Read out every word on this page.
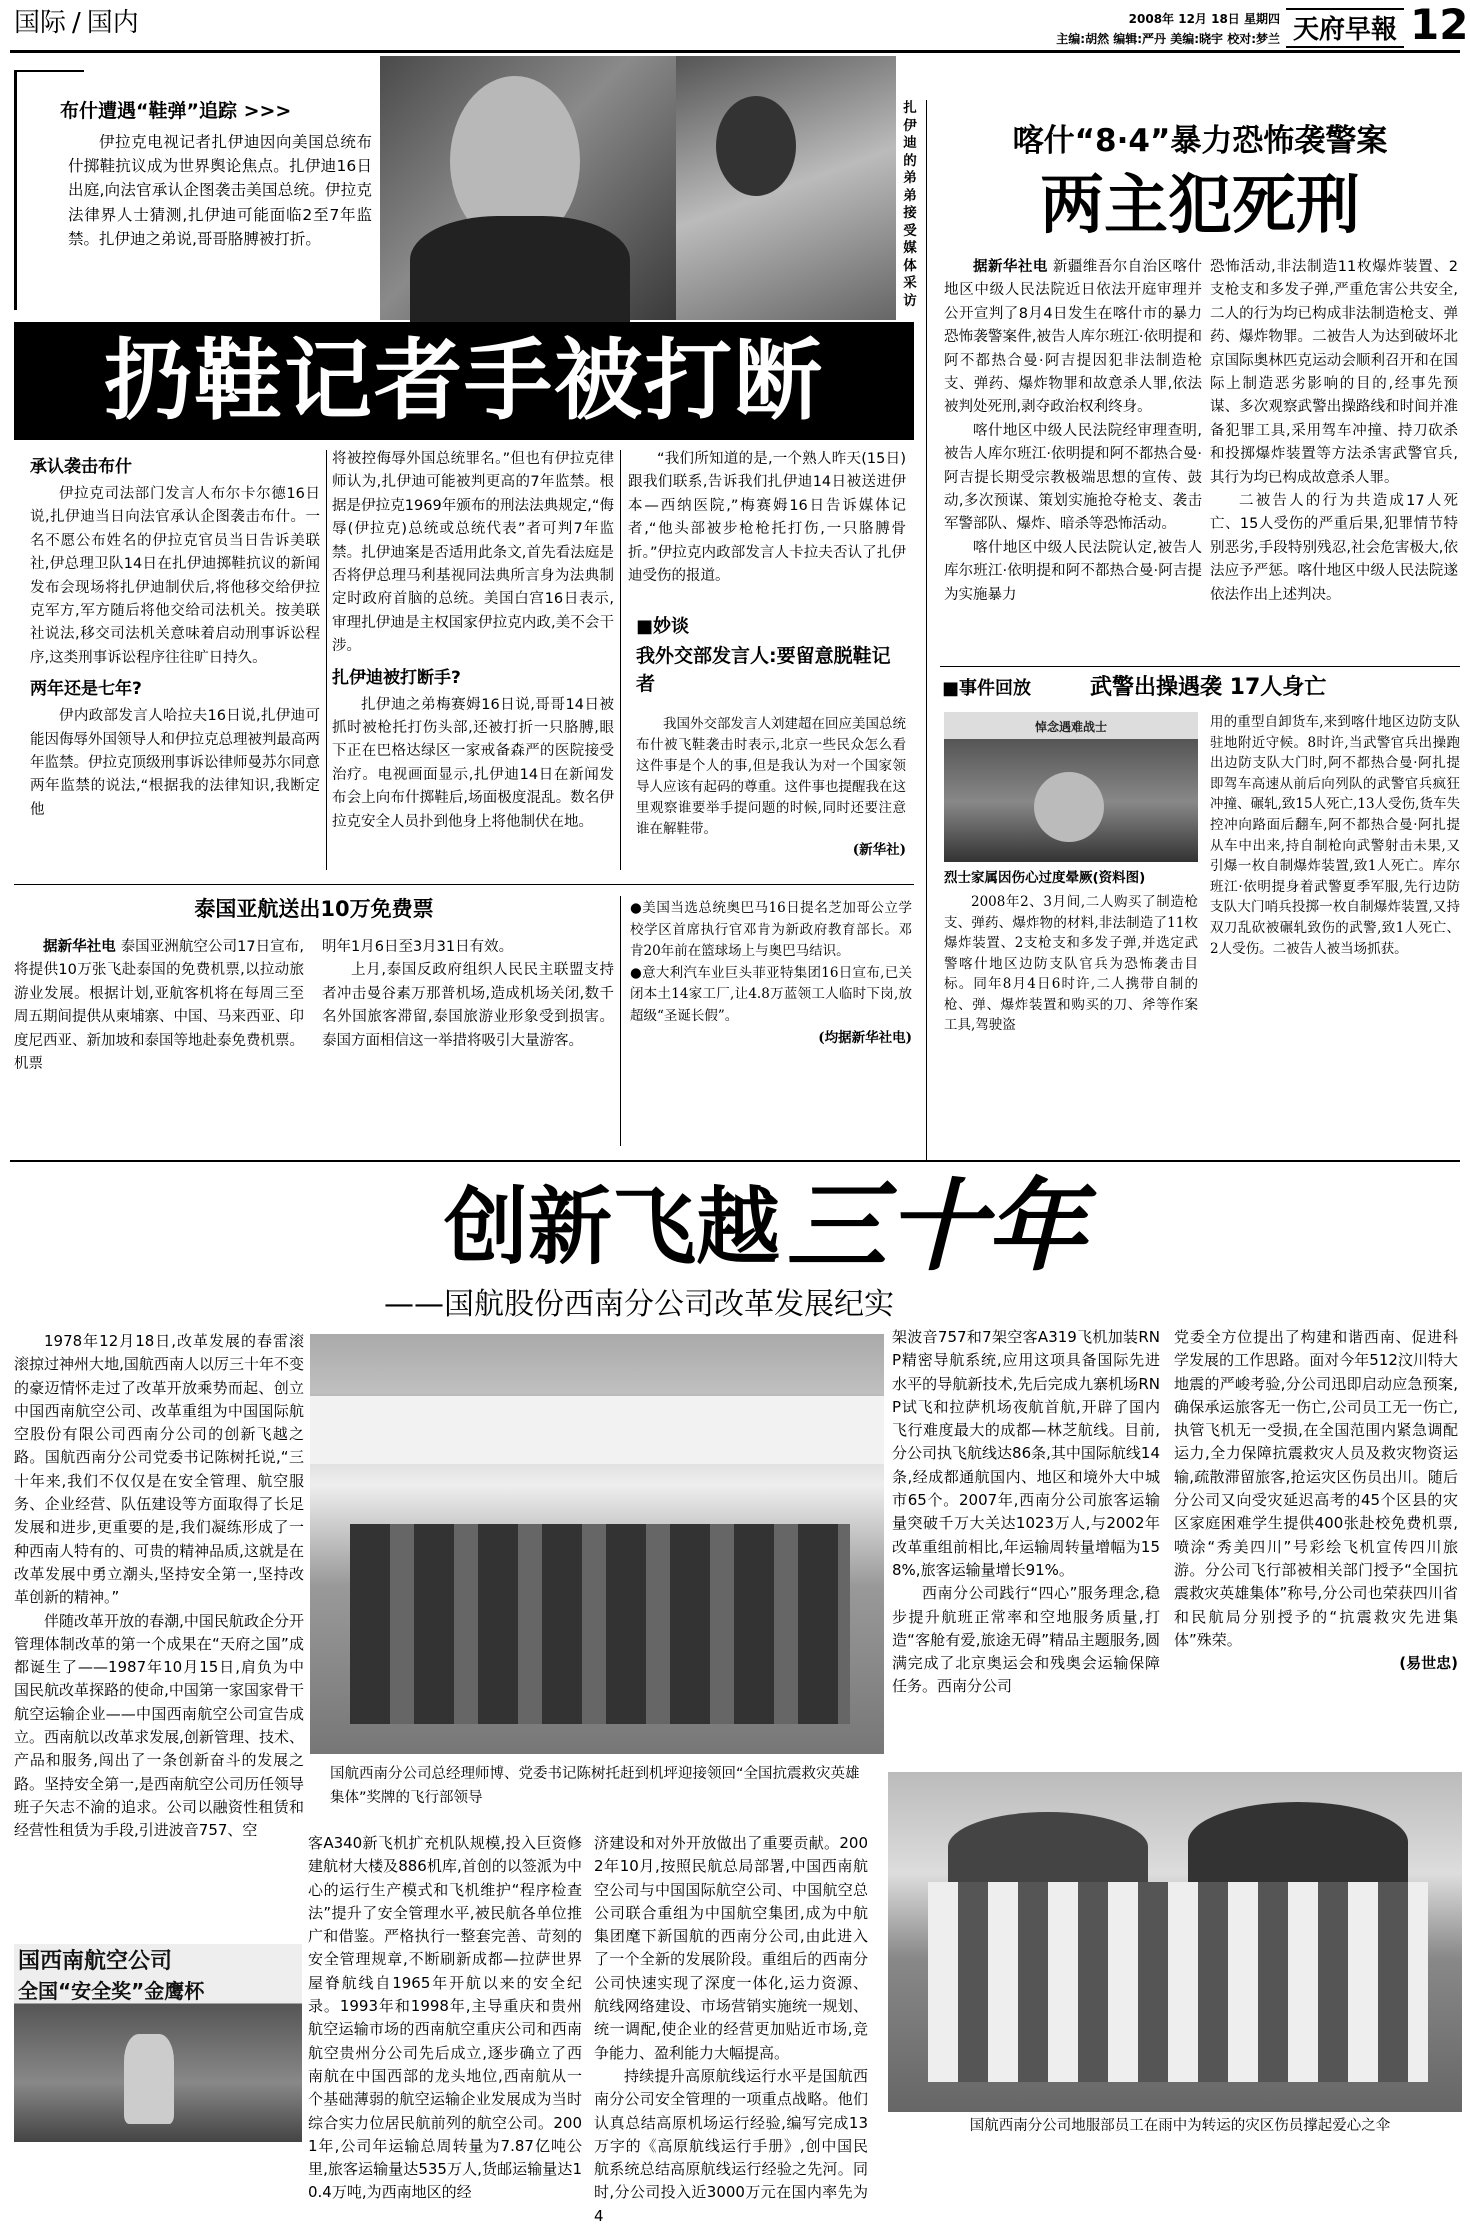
国际 / 国内	2008年 12月 18日 星期四
主编:胡然 编辑:严丹 美编:晓宇 校对:梦兰 天府早報 12
布什遭遇“鞋弹”追踪 >>>

伊拉克电视记者扎伊迪因向美国总统布什掷鞋抗议成为世界舆论焦点。扎伊迪16日出庭,向法官承认企图袭击美国总统。伊拉克法律界人士猜测,扎伊迪可能面临2至7年监禁。扎伊迪之弟说,哥哥胳膊被打折。

扎伊迪的弟弟接受媒体采访
扔鞋记者手被打断
承认袭击布什

伊拉克司法部门发言人布尔卡尔德16日说,扎伊迪当日向法官承认企图袭击布什。一名不愿公布姓名的伊拉克官员当日告诉美联社,伊总理卫队14日在扎伊迪掷鞋抗议的新闻发布会现场将扎伊迪制伏后,将他移交给伊拉克军方,军方随后将他交给司法机关。按美联社说法,移交司法机关意味着启动刑事诉讼程序,这类刑事诉讼程序往往旷日持久。

两年还是七年?

伊内政部发言人哈拉夫16日说,扎伊迪可能因侮辱外国领导人和伊拉克总理被判最高两年监禁。伊拉克顶级刑事诉讼律师曼苏尔同意两年监禁的说法,“根据我的法律知识,我断定他

将被控侮辱外国总统罪名。”但也有伊拉克律师认为,扎伊迪可能被判更高的7年监禁。根据是伊拉克1969年颁布的刑法法典规定,“侮辱(伊拉克)总统或总统代表”者可判7年监禁。扎伊迪案是否适用此条文,首先看法庭是否将伊总理马利基视同法典所言身为法典制定时政府首脑的总统。美国白宫16日表示,审理扎伊迪是主权国家伊拉克内政,美不会干涉。

扎伊迪被打断手?

扎伊迪之弟梅赛姆16日说,哥哥14日被抓时被枪托打伤头部,还被打折一只胳膊,眼下正在巴格达绿区一家戒备森严的医院接受治疗。电视画面显示,扎伊迪14日在新闻发布会上向布什掷鞋后,场面极度混乱。数名伊拉克安全人员扑到他身上将他制伏在地。

“我们所知道的是,一个熟人昨天(15日)跟我们联系,告诉我们扎伊迪14日被送进伊本—西纳医院,”梅赛姆16日告诉媒体记者,“他头部被步枪枪托打伤,一只胳膊骨折。”伊拉克内政部发言人卡拉夫否认了扎伊迪受伤的报道。

■妙谈
我外交部发言人:要留意脱鞋记者

我国外交部发言人刘建超在回应美国总统布什被飞鞋袭击时表示,北京一些民众怎么看这件事是个人的事,但是我认为对一个国家领导人应该有起码的尊重。这件事也提醒我在这里观察谁要举手提问题的时候,同时还要注意谁在解鞋带。

(新华社)
泰国亚航送出10万免费票

据新华社电 泰国亚洲航空公司17日宣布,将提供10万张飞赴泰国的免费机票,以拉动旅游业发展。根据计划,亚航客机将在每周三至周五期间提供从柬埔寨、中国、马来西亚、印度尼西亚、新加坡和泰国等地赴泰免费机票。机票

明年1月6日至3月31日有效。

上月,泰国反政府组织人民民主联盟支持者冲击曼谷素万那普机场,造成机场关闭,数千名外国旅客滞留,泰国旅游业形象受到损害。泰国方面相信这一举措将吸引大量游客。

●美国当选总统奥巴马16日提名芝加哥公立学校学区首席执行官邓肯为新政府教育部长。邓肯20年前在篮球场上与奥巴马结识。
●意大利汽车业巨头菲亚特集团16日宣布,已关闭本土14家工厂,让4.8万蓝领工人临时下岗,放超级“圣诞长假”。
(均据新华社电)
喀什“8·4”暴力恐怖袭警案
两主犯死刑

据新华社电 新疆维吾尔自治区喀什地区中级人民法院近日依法开庭审理并公开宣判了8月4日发生在喀什市的暴力恐怖袭警案件,被告人库尔班江·依明提和阿不都热合曼·阿吉提因犯非法制造枪支、弹药、爆炸物罪和故意杀人罪,依法被判处死刑,剥夺政治权利终身。

喀什地区中级人民法院经审理查明,被告人库尔班江·依明提和阿不都热合曼·阿吉提长期受宗教极端思想的宣传、鼓动,多次预谋、策划实施抢夺枪支、袭击军警部队、爆炸、暗杀等恐怖活动。

喀什地区中级人民法院认定,被告人库尔班江·依明提和阿不都热合曼·阿吉提为实施暴力

恐怖活动,非法制造11枚爆炸装置、2支枪支和多发子弹,严重危害公共安全,二人的行为均已构成非法制造枪支、弹药、爆炸物罪。二被告人为达到破坏北京国际奥林匹克运动会顺利召开和在国际上制造恶劣影响的目的,经事先预谋、多次观察武警出操路线和时间并准备犯罪工具,采用驾车冲撞、持刀砍杀和投掷爆炸装置等方法杀害武警官兵,其行为均已构成故意杀人罪。

二被告人的行为共造成17人死亡、15人受伤的严重后果,犯罪情节特别恶劣,手段特别残忍,社会危害极大,依法应予严惩。喀什地区中级人民法院遂依法作出上述判决。

■事件回放	武警出操遇袭 17人身亡
悼念遇难战士
烈士家属因伤心过度晕厥(资料图)

2008年2、3月间,二人购买了制造枪支、弹药、爆炸物的材料,非法制造了11枚爆炸装置、2支枪支和多发子弹,并选定武警喀什地区边防支队官兵为恐怖袭击目标。同年8月4日6时许,二人携带自制的枪、弹、爆炸装置和购买的刀、斧等作案工具,驾驶盗

用的重型自卸货车,来到喀什地区边防支队驻地附近守候。8时许,当武警官兵出操跑出边防支队大门时,阿不都热合曼·阿扎提即驾车高速从前后向列队的武警官兵疯狂冲撞、碾轧,致15人死亡,13人受伤,货车失控冲向路面后翻车,阿不都热合曼·阿扎提从车中出来,持自制枪向武警射击未果,又引爆一枚自制爆炸装置,致1人死亡。库尔班江·依明提身着武警夏季军服,先行边防支队大门哨兵投掷一枚自制爆炸装置,又持双刀乱砍被碾轧致伤的武警,致1人死亡、2人受伤。二被告人被当场抓获。

创新飞越 三十年
——国航股份西南分公司改革发展纪实

1978年12月18日,改革发展的春雷滚滚掠过神州大地,国航西南人以厉三十年不变的豪迈情怀走过了改革开放乘势而起、创立中国西南航空公司、改革重组为中国国际航空股份有限公司西南分公司的创新飞越之路。国航西南分公司党委书记陈树托说,“三十年来,我们不仅仅是在安全管理、航空服务、企业经营、队伍建设等方面取得了长足发展和进步,更重要的是,我们凝练形成了一种西南人特有的、可贵的精神品质,这就是在改革发展中勇立潮头,坚持安全第一,坚持改革创新的精神。”

伴随改革开放的春潮,中国民航政企分开管理体制改革的第一个成果在“天府之国”成都诞生了——1987年10月15日,肩负为中国民航改革探路的使命,中国第一家国家骨干航空运输企业——中国西南航空公司宣告成立。西南航以改革求发展,创新管理、技术、产品和服务,闯出了一条创新奋斗的发展之路。坚持安全第一,是西南航空公司历任领导班子矢志不渝的追求。公司以融资性租赁和经营性租赁为手段,引进波音757、空

国航西南分公司总经理师博、党委书记陈树托赶到机坪迎接领回“全国抗震救灾英雄集体”奖牌的飞行部领导

客A340新飞机扩充机队规模,投入巨资修建航材大楼及886机库,首创的以签派为中心的运行生产模式和飞机维护“程序检查法”提升了安全管理水平,被民航各单位推广和借鉴。严格执行一整套完善、苛刻的安全管理规章,不断刷新成都—拉萨世界屋脊航线自1965年开航以来的安全纪录。1993年和1998年,主导重庆和贵州航空运输市场的西南航空重庆公司和西南航空贵州分公司先后成立,逐步确立了西南航在中国西部的龙头地位,西南航从一个基础薄弱的航空运输企业发展成为当时综合实力位居民航前列的航空公司。2001年,公司年运输总周转量为7.87亿吨公里,旅客运输量达535万人,货邮运输量达10.4万吨,为西南地区的经

济建设和对外开放做出了重要贡献。2002年10月,按照民航总局部署,中国西南航空公司与中国国际航空公司、中国航空总公司联合重组为中国航空集团,成为中航集团麾下新国航的西南分公司,由此进入了一个全新的发展阶段。重组后的西南分公司快速实现了深度一体化,运力资源、航线网络建设、市场营销实施统一规划、统一调配,使企业的经营更加贴近市场,竞争能力、盈利能力大幅提高。

持续提升高原航线运行水平是国航西南分公司安全管理的一项重点战略。他们认真总结高原机场运行经验,编写完成13万字的《高原航线运行手册》,创中国民航系统总结高原航线运行经验之先河。同时,分公司投入近3000万元在国内率先为4

架波音757和7架空客A319飞机加装RNP精密导航系统,应用这项具备国际先进水平的导航新技术,先后完成九寨机场RNP试飞和拉萨机场夜航首航,开辟了国内飞行难度最大的成都—林芝航线。目前,分公司执飞航线达86条,其中国际航线14条,经成都通航国内、地区和境外大中城市65个。2007年,西南分公司旅客运输量突破千万大关达1023万人,与2002年改革重组前相比,年运输周转量增幅为158%,旅客运输量增长91%。

西南分公司践行“四心”服务理念,稳步提升航班正常率和空地服务质量,打造“客舱有爱,旅途无碍”精品主题服务,圆满完成了北京奥运会和残奥会运输保障任务。西南分公司

党委全方位提出了构建和谐西南、促进科学发展的工作思路。面对今年512汶川特大地震的严峻考验,分公司迅即启动应急预案,确保承运旅客无一伤亡,公司员工无一伤亡,执管飞机无一受损,在全国范围内紧急调配运力,全力保障抗震救灾人员及救灾物资运输,疏散滞留旅客,抢运灾区伤员出川。随后分公司又向受灾延迟高考的45个区县的灾区家庭困难学生提供400张赴校免费机票,喷涂“秀美四川”号彩绘飞机宣传四川旅游。分公司飞行部被相关部门授予“全国抗震救灾英雄集体”称号,分公司也荣获四川省和民航局分别授予的“抗震救灾先进集体”殊荣。

(易世忠)
国西南航空公司
全国“安全奖”金鹰杯
国航西南分公司地服部员工在雨中为转运的灾区伤员撑起爱心之伞
